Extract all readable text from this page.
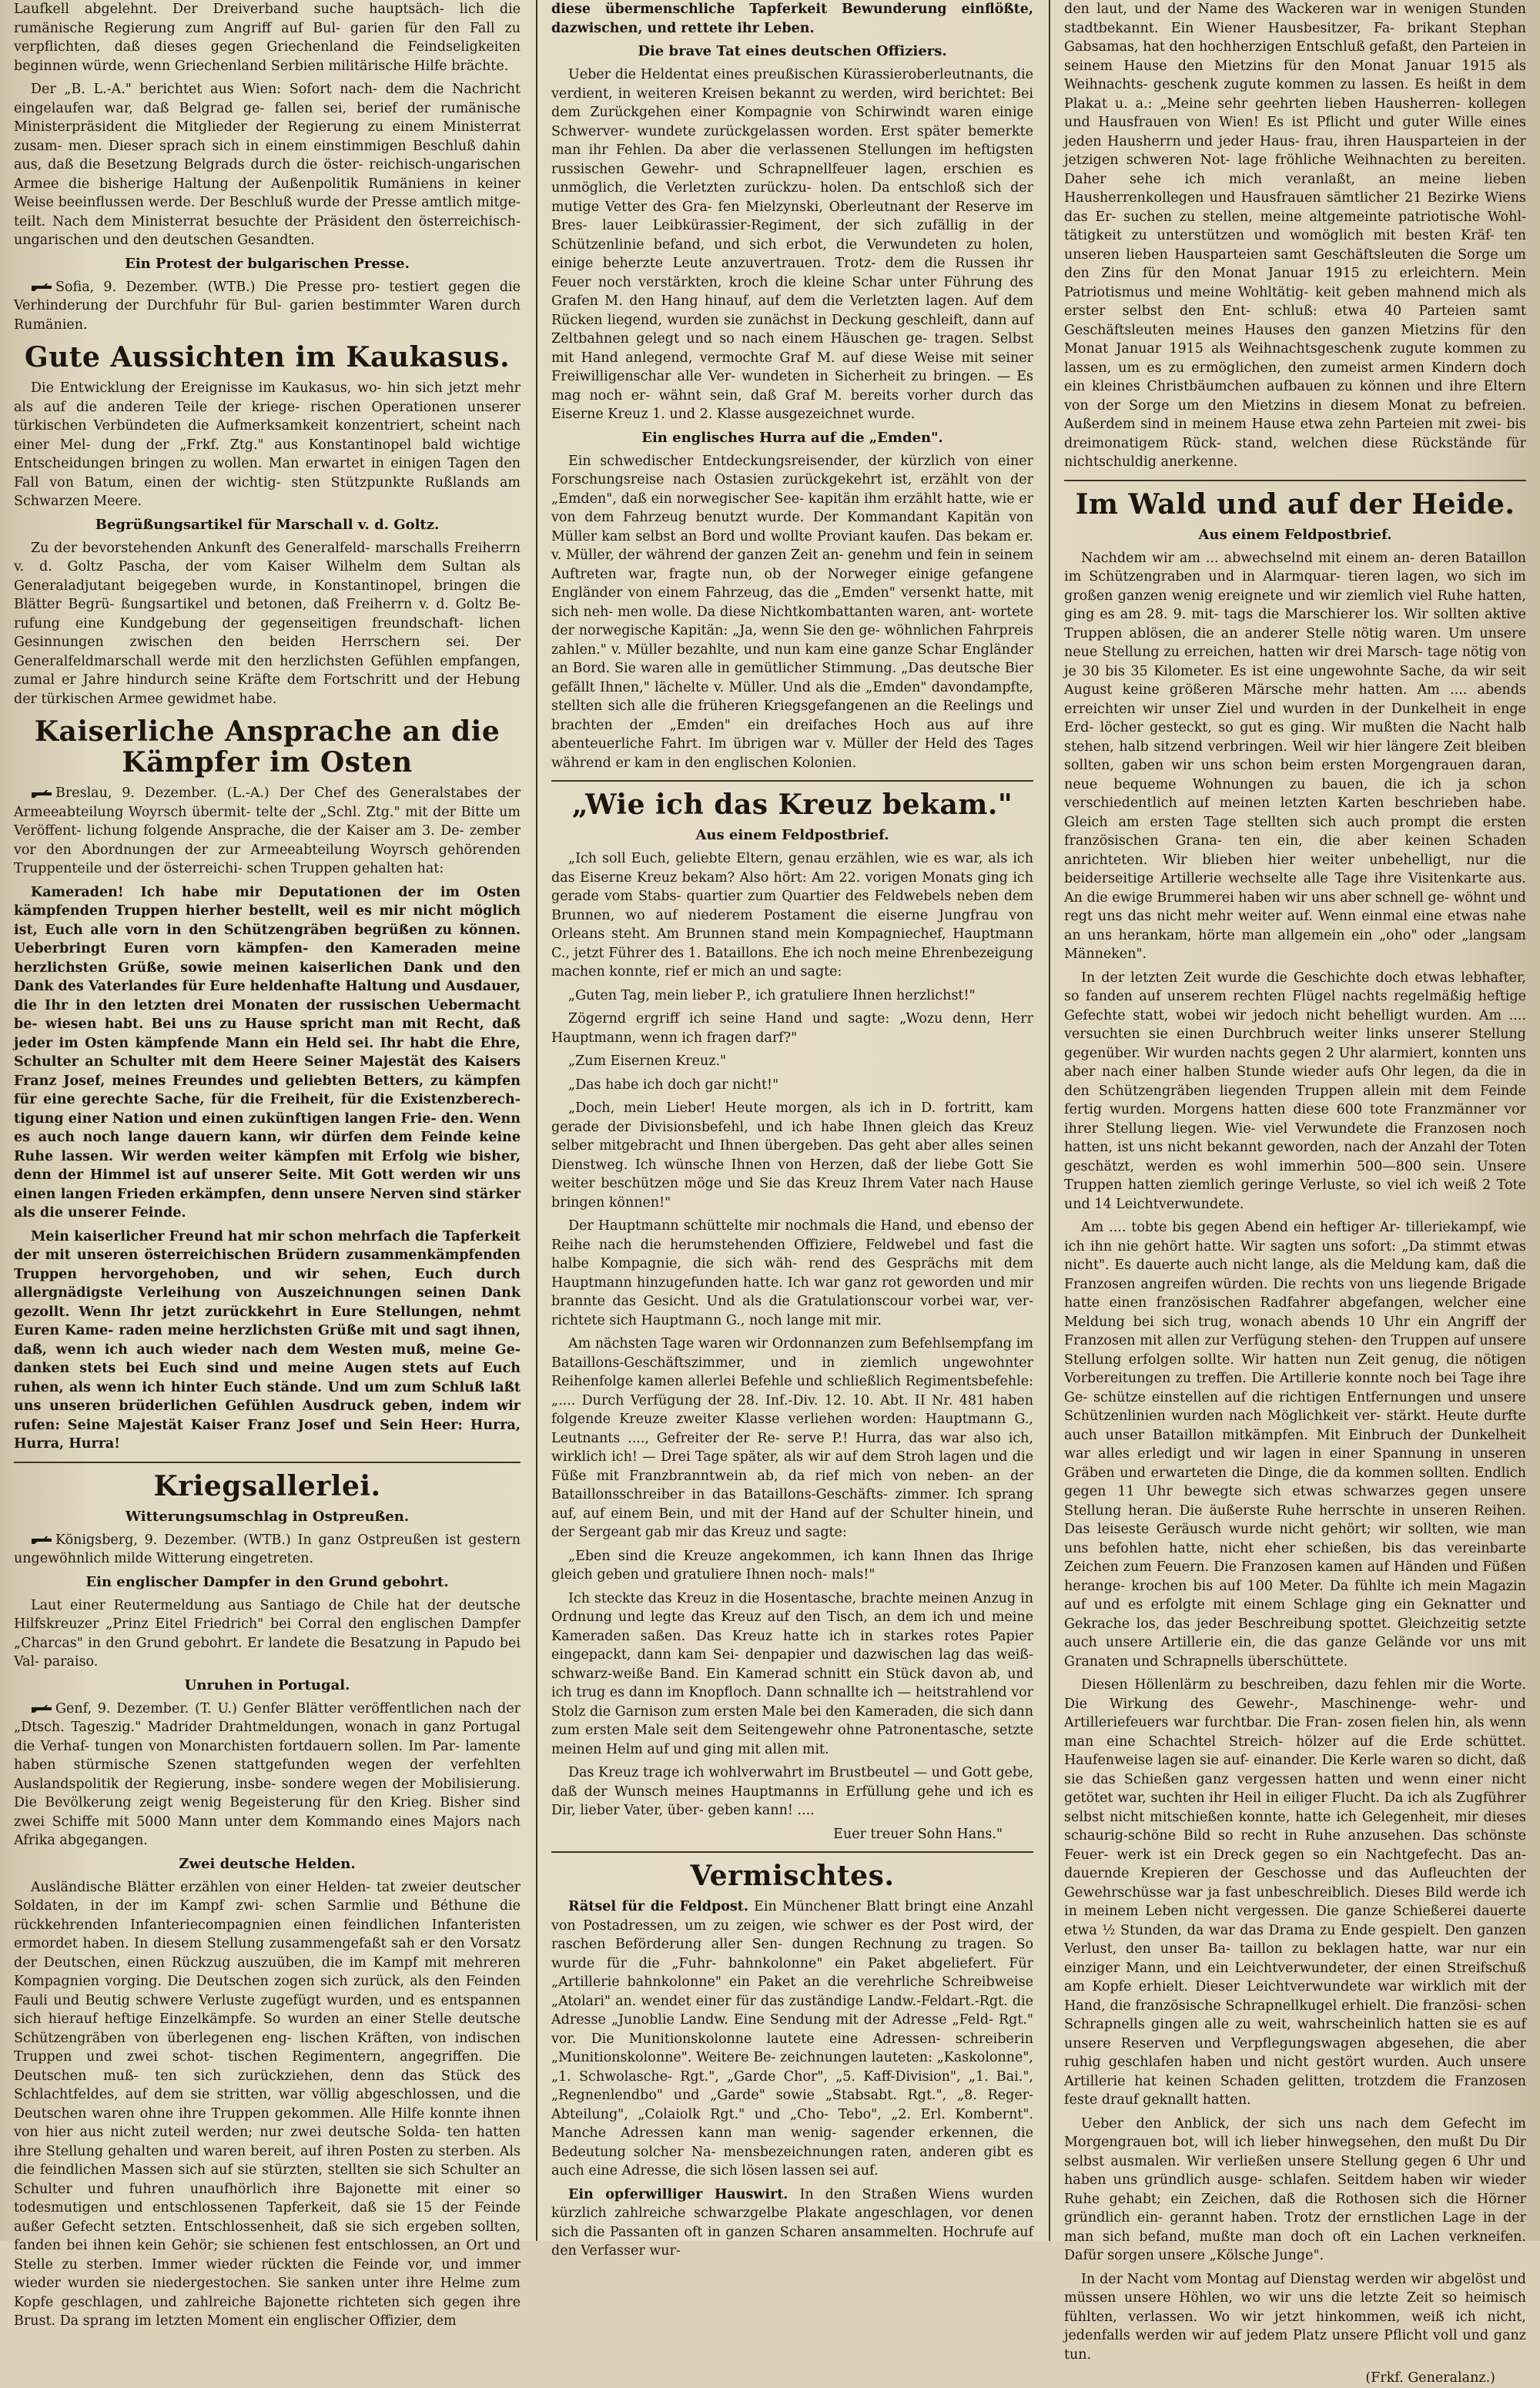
Laufkell abgelehnt. Der Dreiverband suche hauptsäch- lich die rumänische Regierung zum Angriff auf Bul- garien für den Fall zu verpflichten, daß dieses gegen Griechenland die Feindseligkeiten beginnen würde, wenn Griechenland Serbien militärische Hilfe brächte.

Der „B. L.-A." berichtet aus Wien: Sofort nach- dem die Nachricht eingelaufen war, daß Belgrad ge- fallen sei, berief der rumänische Ministerpräsident die Mitglieder der Regierung zu einem Ministerrat zusam- men. Dieser sprach sich in einem einstimmigen Beschluß dahin aus, daß die Besetzung Belgrads durch die öster- reichisch-ungarischen Armee die bisherige Haltung der Außenpolitik Rumäniens in keiner Weise beeinflussen werde. Der Beschluß wurde der Presse amtlich mitge- teilt. Nach dem Ministerrat besuchte der Präsident den österreichisch-ungarischen und den deutschen Gesandten.

Ein Protest der bulgarischen Presse.

Sofia, 9. Dezember. (WTB.) Die Presse pro- testiert gegen die Verhinderung der Durchfuhr für Bul- garien bestimmter Waren durch Rumänien.

Gute Aussichten im Kaukasus.

Die Entwicklung der Ereignisse im Kaukasus, wo- hin sich jetzt mehr als auf die anderen Teile der kriege- rischen Operationen unserer türkischen Verbündeten die Aufmerksamkeit konzentriert, scheint nach einer Mel- dung der „Frkf. Ztg." aus Konstantinopel bald wichtige Entscheidungen bringen zu wollen. Man erwartet in einigen Tagen den Fall von Batum, einen der wichtig- sten Stützpunkte Rußlands am Schwarzen Meere.

Begrüßungsartikel für Marschall v. d. Goltz.

Zu der bevorstehenden Ankunft des Generalfeld- marschalls Freiherrn v. d. Goltz Pascha, der vom Kaiser Wilhelm dem Sultan als Generaladjutant beigegeben wurde, in Konstantinopel, bringen die Blätter Begrü- ßungsartikel und betonen, daß Freiherrn v. d. Goltz Be- rufung eine Kundgebung der gegenseitigen freundschaft- lichen Gesinnungen zwischen den beiden Herrschern sei. Der Generalfeldmarschall werde mit den herzlichsten Gefühlen empfangen, zumal er Jahre hindurch seine Kräfte dem Fortschritt und der Hebung der türkischen Armee gewidmet habe.

Kaiserliche Ansprache an die Kämpfer im Osten

Breslau, 9. Dezember. (L.-A.) Der Chef des Generalstabes der Armeeabteilung Woyrsch übermit- telte der „Schl. Ztg." mit der Bitte um Veröffent- lichung folgende Ansprache, die der Kaiser am 3. De- zember vor den Abordnungen der zur Armeeabteilung Woyrsch gehörenden Truppenteile und der österreichi- schen Truppen gehalten hat:

Kameraden! Ich habe mir Deputationen der im Osten kämpfenden Truppen hierher bestellt, weil es mir nicht möglich ist, Euch alle vorn in den Schützengräben begrüßen zu können. Ueberbringt Euren vorn kämpfen- den Kameraden meine herzlichsten Grüße, sowie meinen kaiserlichen Dank und den Dank des Vaterlandes für Eure heldenhafte Haltung und Ausdauer, die Ihr in den letzten drei Monaten der russischen Uebermacht be- wiesen habt. Bei uns zu Hause spricht man mit Recht, daß jeder im Osten kämpfende Mann ein Held sei. Ihr habt die Ehre, Schulter an Schulter mit dem Heere Seiner Majestät des Kaisers Franz Josef, meines Freundes und geliebten Betters, zu kämpfen für eine gerechte Sache, für die Freiheit, für die Existenzberech- tigung einer Nation und einen zukünftigen langen Frie- den. Wenn es auch noch lange dauern kann, wir dürfen dem Feinde keine Ruhe lassen. Wir werden weiter kämpfen mit Erfolg wie bisher, denn der Himmel ist auf unserer Seite. Mit Gott werden wir uns einen langen Frieden erkämpfen, denn unsere Nerven sind stärker als die unserer Feinde.

Mein kaiserlicher Freund hat mir schon mehrfach die Tapferkeit der mit unseren österreichischen Brüdern zusammenkämpfenden Truppen hervorgehoben, und wir sehen, Euch durch allergnädigste Verleihung von Auszeichnungen seinen Dank gezollt. Wenn Ihr jetzt zurückkehrt in Eure Stellungen, nehmt Euren Kame- raden meine herzlichsten Grüße mit und sagt ihnen, daß, wenn ich auch wieder nach dem Westen muß, meine Ge- danken stets bei Euch sind und meine Augen stets auf Euch ruhen, als wenn ich hinter Euch stände. Und um zum Schluß laßt uns unseren brüderlichen Gefühlen Ausdruck geben, indem wir rufen: Seine Majestät Kaiser Franz Josef und Sein Heer: Hurra, Hurra, Hurra!

Kriegsallerlei.
Witterungsumschlag in Ostpreußen.

Königsberg, 9. Dezember. (WTB.) In ganz Ostpreußen ist gestern ungewöhnlich milde Witterung eingetreten.

Ein englischer Dampfer in den Grund gebohrt.

Laut einer Reutermeldung aus Santiago de Chile hat der deutsche Hilfskreuzer „Prinz Eitel Friedrich" bei Corral den englischen Dampfer „Charcas" in den Grund gebohrt. Er landete die Besatzung in Papudo bei Val- paraiso.

Unruhen in Portugal.

Genf, 9. Dezember. (T. U.) Genfer Blätter veröffentlichen nach der „Dtsch. Tageszig." Madrider Drahtmeldungen, wonach in ganz Portugal die Verhaf- tungen von Monarchisten fortdauern sollen. Im Par- lamente haben stürmische Szenen stattgefunden wegen der verfehlten Auslandspolitik der Regierung, insbe- sondere wegen der Mobilisierung. Die Bevölkerung zeigt wenig Begeisterung für den Krieg. Bisher sind zwei Schiffe mit 5000 Mann unter dem Kommando eines Majors nach Afrika abgegangen.

Zwei deutsche Helden.

Ausländische Blätter erzählen von einer Helden- tat zweier deutscher Soldaten, in der im Kampf zwi- schen Sarmlie und Béthune die rückkehrenden Infanteriecompagnien einen feindlichen Infanteristen ermordet haben. In diesem Stellung zusammengefaßt sah er den Vorsatz der Deutschen, einen Rückzug auszuüben, die im Kampf mit mehreren Kompagnien vorging. Die Deutschen zogen sich zurück, als den Feinden Fauli und Beutig schwere Verluste zugefügt wurden, und es entspannen sich hierauf heftige Einzelkämpfe. So wurden an einer Stelle deutsche Schützengräben von überlegenen eng- lischen Kräften, von indischen Truppen und zwei schot- tischen Regimentern, angegriffen. Die Deutschen muß- ten sich zurückziehen, denn das Stück des Schlachtfeldes, auf dem sie stritten, war völlig abgeschlossen, und die Deutschen waren ohne ihre Truppen gekommen. Alle Hilfe konnte ihnen von hier aus nicht zuteil werden; nur zwei deutsche Solda- ten hatten ihre Stellung gehalten und waren bereit, auf ihren Posten zu sterben. Als die feindlichen Massen sich auf sie stürzten, stellten sie sich Schulter an Schulter und fuhren unaufhörlich ihre Bajonette mit einer so todesmutigen und entschlossenen Tapferkeit, daß sie 15 der Feinde außer Gefecht setzten. Entschlossenheit, daß sie sich ergeben sollten, fanden bei ihnen kein Gehör; sie schienen fest entschlossen, an Ort und Stelle zu sterben. Immer wieder rückten die Feinde vor, und immer wieder wurden sie niedergestochen. Sie sanken unter ihre Helme zum Kopfe geschlagen, und zahlreiche Bajonette richteten sich gegen ihre Brust. Da sprang im letzten Moment ein englischer Offizier, dem

diese übermenschliche Tapferkeit Bewunderung einflößte, dazwischen, und rettete ihr Leben.

Die brave Tat eines deutschen Offiziers.

Ueber die Heldentat eines preußischen Kürassieroberleutnants, die verdient, in weiteren Kreisen bekannt zu werden, wird berichtet: Bei dem Zurückgehen einer Kompagnie von Schirwindt waren einige Schwerver- wundete zurückgelassen worden. Erst später bemerkte man ihr Fehlen. Da aber die verlassenen Stellungen im heftigsten russischen Gewehr- und Schrapnellfeuer lagen, erschien es unmöglich, die Verletzten zurückzu- holen. Da entschloß sich der mutige Vetter des Gra- fen Mielzynski, Oberleutnant der Reserve im Bres- lauer Leibkürassier-Regiment, der sich zufällig in der Schützenlinie befand, und sich erbot, die Verwundeten zu holen, einige beherzte Leute anzuvertrauen. Trotz- dem die Russen ihr Feuer noch verstärkten, kroch die kleine Schar unter Führung des Grafen M. den Hang hinauf, auf dem die Verletzten lagen. Auf dem Rücken liegend, wurden sie zunächst in Deckung geschleift, dann auf Zeltbahnen gelegt und so nach einem Häuschen ge- tragen. Selbst mit Hand anlegend, vermochte Graf M. auf diese Weise mit seiner Freiwilligenschar alle Ver- wundeten in Sicherheit zu bringen. — Es mag noch er- wähnt sein, daß Graf M. bereits vorher durch das Eiserne Kreuz 1. und 2. Klasse ausgezeichnet wurde.

Ein englisches Hurra auf die „Emden".

Ein schwedischer Entdeckungsreisender, der kürzlich von einer Forschungsreise nach Ostasien zurückgekehrt ist, erzählt von der „Emden", daß ein norwegischer See- kapitän ihm erzählt hatte, wie er von dem Fahrzeug benutzt wurde. Der Kommandant Kapitän von Müller kam selbst an Bord und wollte Proviant kaufen. Das bekam er. v. Müller, der während der ganzen Zeit an- genehm und fein in seinem Auftreten war, fragte nun, ob der Norweger einige gefangene Engländer von einem Fahrzeug, das die „Emden" versenkt hatte, mit sich neh- men wolle. Da diese Nichtkombattanten waren, ant- wortete der norwegische Kapitän: „Ja, wenn Sie den ge- wöhnlichen Fahrpreis zahlen." v. Müller bezahlte, und nun kam eine ganze Schar Engländer an Bord. Sie waren alle in gemütlicher Stimmung. „Das deutsche Bier gefällt Ihnen," lächelte v. Müller. Und als die „Emden" davondampfte, stellten sich alle die früheren Kriegsgefangenen an die Reelings und brachten der „Emden" ein dreifaches Hoch aus auf ihre abenteuerliche Fahrt. Im übrigen war v. Müller der Held des Tages während er kam in den englischen Kolonien.

„Wie ich das Kreuz bekam."
Aus einem Feldpostbrief.

„Ich soll Euch, geliebte Eltern, genau erzählen, wie es war, als ich das Eiserne Kreuz bekam? Also hört: Am 22. vorigen Monats ging ich gerade vom Stabs- quartier zum Quartier des Feldwebels neben dem Brunnen, wo auf niederem Postament die eiserne Jungfrau von Orleans steht. Am Brunnen stand mein Kompagniechef, Hauptmann C., jetzt Führer des 1. Bataillons. Ehe ich noch meine Ehrenbezeigung machen konnte, rief er mich an und sagte:

„Guten Tag, mein lieber P., ich gratuliere Ihnen herzlichst!"

Zögernd ergriff ich seine Hand und sagte: „Wozu denn, Herr Hauptmann, wenn ich fragen darf?"

„Zum Eisernen Kreuz."

„Das habe ich doch gar nicht!"

„Doch, mein Lieber! Heute morgen, als ich in D. fortritt, kam gerade der Divisionsbefehl, und ich habe Ihnen gleich das Kreuz selber mitgebracht und Ihnen übergeben. Das geht aber alles seinen Dienstweg. Ich wünsche Ihnen von Herzen, daß der liebe Gott Sie weiter beschützen möge und Sie das Kreuz Ihrem Vater nach Hause bringen können!"

Der Hauptmann schüttelte mir nochmals die Hand, und ebenso der Reihe nach die herumstehenden Offiziere, Feldwebel und fast die halbe Kompagnie, die sich wäh- rend des Gesprächs mit dem Hauptmann hinzugefunden hatte. Ich war ganz rot geworden und mir brannte das Gesicht. Und als die Gratulationscour vorbei war, ver- richtete sich Hauptmann G., noch lange mit mir.

Am nächsten Tage waren wir Ordonnanzen zum Befehlsempfang im Bataillons-Geschäftszimmer, und in ziemlich ungewohnter Reihenfolge kamen allerlei Befehle und schließlich Regimentsbefehle: „.... Durch Verfügung der 28. Inf.-Div. 12. 10. Abt. II Nr. 481 haben folgende Kreuze zweiter Klasse verliehen worden: Hauptmann G., Leutnants ...., Gefreiter der Re- serve P.! Hurra, das war also ich, wirklich ich! — Drei Tage später, als wir auf dem Stroh lagen und die Füße mit Franzbranntwein ab, da rief mich von neben- an der Bataillonsschreiber in das Bataillons-Geschäfts- zimmer. Ich sprang auf, auf einem Bein, und mit der Hand auf der Schulter hinein, und der Sergeant gab mir das Kreuz und sagte:

„Eben sind die Kreuze angekommen, ich kann Ihnen das Ihrige gleich geben und gratuliere Ihnen noch- mals!"

Ich steckte das Kreuz in die Hosentasche, brachte meinen Anzug in Ordnung und legte das Kreuz auf den Tisch, an dem ich und meine Kameraden saßen. Das Kreuz hatte ich in starkes rotes Papier eingepackt, dann kam Sei- denpapier und dazwischen lag das weiß-schwarz-weiße Band. Ein Kamerad schnitt ein Stück davon ab, und ich trug es dann im Knopfloch. Dann schnallte ich — heitstrahlend vor Stolz die Garnison zum ersten Male bei den Kameraden, die sich dann zum ersten Male seit dem Seitengewehr ohne Patronentasche, setzte meinen Helm auf und ging mit allen mit.

Das Kreuz trage ich wohlverwahrt im Brustbeutel — und Gott gebe, daß der Wunsch meines Hauptmanns in Erfüllung gehe und ich es Dir, lieber Vater, über- geben kann! ....

Euer treuer Sohn Hans."

Vermischtes.

Rätsel für die Feldpost. Ein Münchener Blatt bringt eine Anzahl von Postadressen, um zu zeigen, wie schwer es der Post wird, der raschen Beförderung aller Sen- dungen Rechnung zu tragen. So wurde für die „Fuhr- bahnkolonne" ein Paket abgeliefert. Für „Artillerie bahnkolonne" ein Paket an die verehrliche Schreibweise „Atolari" an. wendet einer für das zuständige Landw.-Feldart.-Rgt. die Adresse „Junoblie Landw. Eine Sendung mit der Adresse „Feld- Rgt." vor. Die Munitionskolonne lautete eine Adressen- schreiberin „Munitionskolonne". Weitere Be- zeichnungen lauteten: „Kaskolonne", „1. Schwolasche- Rgt.", „Garde Chor", „5. Kaff-Division", „1. Bai.", „Regnenlendbo" und „Garde" sowie „Stabsabt. Rgt.", „8. Reger-Abteilung", „Colaiolk Rgt." und „Cho- Tebo", „2. Erl. Kombernt". Manche Adressen kann man wenig- sagender erkennen, die Bedeutung solcher Na- mensbezeichnungen raten, anderen gibt es auch eine Adresse, die sich lösen lassen sei auf.

Ein opferwilliger Hauswirt. In den Straßen Wiens wurden kürzlich zahlreiche schwarzgelbe Plakate angeschlagen, vor denen sich die Passanten oft in ganzen Scharen ansammelten. Hochrufe auf den Verfasser wur-

den laut, und der Name des Wackeren war in wenigen Stunden stadtbekannt. Ein Wiener Hausbesitzer, Fa- brikant Stephan Gabsamas, hat den hochherzigen Entschluß gefaßt, den Parteien in seinem Hause den Mietzins für den Monat Januar 1915 als Weihnachts- geschenk zugute kommen zu lassen. Es heißt in dem Plakat u. a.: „Meine sehr geehrten lieben Hausherren- kollegen und Hausfrauen von Wien! Es ist Pflicht und guter Wille eines jeden Hausherrn und jeder Haus- frau, ihren Hausparteien in der jetzigen schweren Not- lage fröhliche Weihnachten zu bereiten. Daher sehe ich mich veranlaßt, an meine lieben Hausherrenkollegen und Hausfrauen sämtlicher 21 Bezirke Wiens das Er- suchen zu stellen, meine altgemeinte patriotische Wohl- tätigkeit zu unterstützen und womöglich mit besten Kräf- ten unseren lieben Hausparteien samt Geschäftsleuten die Sorge um den Zins für den Monat Januar 1915 zu erleichtern. Mein Patriotismus und meine Wohltätig- keit geben mahnend mich als erster selbst den Ent- schluß: etwa 40 Parteien samt Geschäftsleuten meines Hauses den ganzen Mietzins für den Monat Januar 1915 als Weihnachtsgeschenk zugute kommen zu lassen, um es zu ermöglichen, den zumeist armen Kindern doch ein kleines Christbäumchen aufbauen zu können und ihre Eltern von der Sorge um den Mietzins in diesem Monat zu befreien. Außerdem sind in meinem Hause etwa zehn Parteien mit zwei- bis dreimonatigem Rück- stand, welchen diese Rückstände für nichtschuldig anerkenne.

Im Wald und auf der Heide.
Aus einem Feldpostbrief.

Nachdem wir am ... abwechselnd mit einem an- deren Bataillon im Schützengraben und in Alarmquar- tieren lagen, wo sich im großen ganzen wenig ereignete und wir ziemlich viel Ruhe hatten, ging es am 28. 9. mit- tags die Marschierer los. Wir sollten aktive Truppen ablösen, die an anderer Stelle nötig waren. Um unsere neue Stellung zu erreichen, hatten wir drei Marsch- tage nötig von je 30 bis 35 Kilometer. Es ist eine ungewohnte Sache, da wir seit August keine größeren Märsche mehr hatten. Am .... abends erreichten wir unser Ziel und wurden in der Dunkelheit in enge Erd- löcher gesteckt, so gut es ging. Wir mußten die Nacht halb stehen, halb sitzend verbringen. Weil wir hier längere Zeit bleiben sollten, gaben wir uns schon beim ersten Morgengrauen daran, neue bequeme Wohnungen zu bauen, die ich ja schon verschiedentlich auf meinen letzten Karten beschrieben habe. Gleich am ersten Tage stellten sich auch prompt die ersten französischen Grana- ten ein, die aber keinen Schaden anrichteten. Wir blieben hier weiter unbehelligt, nur die beiderseitige Artillerie wechselte alle Tage ihre Visitenkarte aus. An die ewige Brummerei haben wir uns aber schnell ge- wöhnt und regt uns das nicht mehr weiter auf. Wenn einmal eine etwas nahe an uns herankam, hörte man allgemein ein „oho" oder „langsam Männeken".

In der letzten Zeit wurde die Geschichte doch etwas lebhafter, so fanden auf unserem rechten Flügel nachts regelmäßig heftige Gefechte statt, wobei wir jedoch nicht behelligt wurden. Am .... versuchten sie einen Durchbruch weiter links unserer Stellung gegenüber. Wir wurden nachts gegen 2 Uhr alarmiert, konnten uns aber nach einer halben Stunde wieder aufs Ohr legen, da die in den Schützengräben liegenden Truppen allein mit dem Feinde fertig wurden. Morgens hatten diese 600 tote Franzmänner vor ihrer Stellung liegen. Wie- viel Verwundete die Franzosen noch hatten, ist uns nicht bekannt geworden, nach der Anzahl der Toten geschätzt, werden es wohl immerhin 500—800 sein. Unsere Truppen hatten ziemlich geringe Verluste, so viel ich weiß 2 Tote und 14 Leichtverwundete.

Am .... tobte bis gegen Abend ein heftiger Ar- tilleriekampf, wie ich ihn nie gehört hatte. Wir sagten uns sofort: „Da stimmt etwas nicht". Es dauerte auch nicht lange, als die Meldung kam, daß die Franzosen angreifen würden. Die rechts von uns liegende Brigade hatte einen französischen Radfahrer abgefangen, welcher eine Meldung bei sich trug, wonach abends 10 Uhr ein Angriff der Franzosen mit allen zur Verfügung stehen- den Truppen auf unsere Stellung erfolgen sollte. Wir hatten nun Zeit genug, die nötigen Vorbereitungen zu treffen. Die Artillerie konnte noch bei Tage ihre Ge- schütze einstellen auf die richtigen Entfernungen und unsere Schützenlinien wurden nach Möglichkeit ver- stärkt. Heute durfte auch unser Bataillon mitkämpfen. Mit Einbruch der Dunkelheit war alles erledigt und wir lagen in einer Spannung in unseren Gräben und erwarteten die Dinge, die da kommen sollten. Endlich gegen 11 Uhr bewegte sich etwas schwarzes gegen unsere Stellung heran. Die äußerste Ruhe herrschte in unseren Reihen. Das leiseste Geräusch wurde nicht gehört; wir sollten, wie man uns befohlen hatte, nicht eher schießen, bis das vereinbarte Zeichen zum Feuern. Die Franzosen kamen auf Händen und Füßen herange- krochen bis auf 100 Meter. Da fühlte ich mein Magazin auf und es erfolgte mit einem Schlage ging ein Geknatter und Gekrache los, das jeder Beschreibung spottet. Gleichzeitig setzte auch unsere Artillerie ein, die das ganze Gelände vor uns mit Granaten und Schrapnells überschüttete.

Diesen Höllenlärm zu beschreiben, dazu fehlen mir die Worte. Die Wirkung des Gewehr-, Maschinenge- wehr- und Artilleriefeuers war furchtbar. Die Fran- zosen fielen hin, als wenn man eine Schachtel Streich- hölzer auf die Erde schüttet. Haufenweise lagen sie auf- einander. Die Kerle waren so dicht, daß sie das Schießen ganz vergessen hatten und wenn einer nicht getötet war, suchten ihr Heil in eiliger Flucht. Da ich als Zugführer selbst nicht mitschießen konnte, hatte ich Gelegenheit, mir dieses schaurig-schöne Bild so recht in Ruhe anzusehen. Das schönste Feuer- werk ist ein Dreck gegen so ein Nachtgefecht. Das an- dauernde Krepieren der Geschosse und das Aufleuchten der Gewehrschüsse war ja fast unbeschreiblich. Dieses Bild werde ich in meinem Leben nicht vergessen. Die ganze Schießerei dauerte etwa ½ Stunden, da war das Drama zu Ende gespielt. Den ganzen Verlust, den unser Ba- taillon zu beklagen hatte, war nur ein einziger Mann, und ein Leichtverwundeter, der einen Streifschuß am Kopfe erhielt. Dieser Leichtverwundete war wirklich mit der Hand, die französische Schrapnellkugel erhielt. Die französi- schen Schrapnells gingen alle zu weit, wahrscheinlich hatten sie es auf unsere Reserven und Verpflegungswagen abgesehen, die aber ruhig geschlafen haben und nicht gestört wurden. Auch unsere Artillerie hat keinen Schaden gelitten, trotzdem die Franzosen feste drauf geknallt hatten.

Ueber den Anblick, der sich uns nach dem Gefecht im Morgengrauen bot, will ich lieber hinwegsehen, den mußt Du Dir selbst ausmalen. Wir verließen unsere Stellung gegen 6 Uhr und haben uns gründlich ausge- schlafen. Seitdem haben wir wieder Ruhe gehabt; ein Zeichen, daß die Rothosen sich die Hörner gründlich ein- gerannt haben. Trotz der ernstlichen Lage in der man sich befand, mußte man doch oft ein Lachen verkneifen. Dafür sorgen unsere „Kölsche Junge".

In der Nacht vom Montag auf Dienstag werden wir abgelöst und müssen unsere Höhlen, wo wir uns die letzte Zeit so heimisch fühlten, verlassen. Wo wir jetzt hinkommen, weiß ich nicht, jedenfalls werden wir auf jedem Platz unsere Pflicht voll und ganz tun.

(Frkf. Generalanz.)
